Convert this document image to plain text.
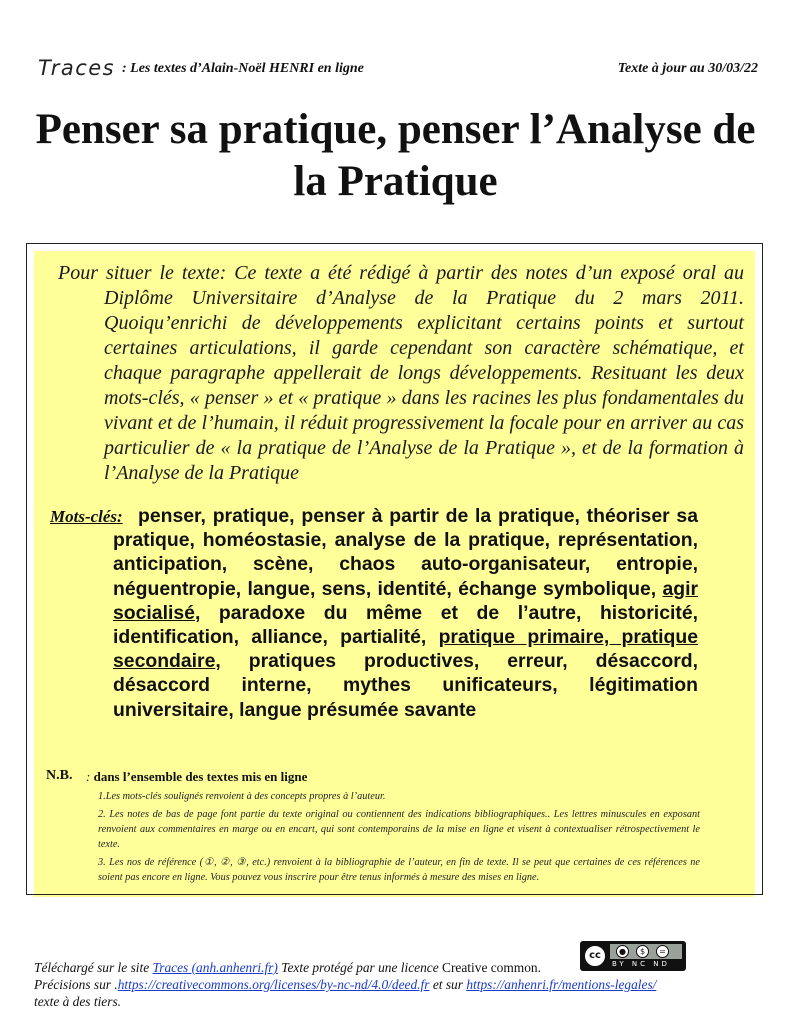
Traces : Les textes d’Alain-Noël HENRI en ligne	Texte à jour au 30/03/22
Penser sa pratique, penser l’Analyse de la Pratique
Pour situer le texte: Ce texte a été rédigé à partir des notes d’un exposé oral au Diplôme Universitaire d’Analyse de la Pratique du 2 mars 2011. Quoiqu’enrichi de développements explicitant certains points et surtout certaines articulations, il garde cependant son caractère schématique, et chaque paragraphe appellerait de longs développements. Resituant les deux mots-clés, « penser » et « pratique » dans les racines les plus fondamentales du vivant et de l’humain, il réduit progressivement la focale pour en arriver au cas particulier de « la pratique de l’Analyse de la Pratique », et de la formation à l’Analyse de la Pratique
Mots-clés: penser, pratique, penser à partir de la pratique, théoriser sa pratique, homéostasie, analyse de la pratique, représentation, anticipation, scène, chaos auto-organisateur, entropie, néguentropie, langue, sens, identité, échange symbolique, agir socialisé, paradoxe du même et de l’autre, historicité, identification, alliance, partialité, pratique primaire, pratique secondaire, pratiques productives, erreur, désaccord, désaccord interne, mythes unificateurs, légitimation universitaire, langue présumée savante
N.B. : dans l’ensemble des textes mis en ligne

1.Les mots-clés soulignés renvoient à des concepts propres à l’auteur.

2. Les notes de bas de page font partie du texte original ou contiennent des indications bibliographiques.. Les lettres minuscules en exposant renvoient aux commentaires en marge ou en encart, qui sont contemporains de la mise en ligne et visent à contextualiser rétrospectivement le texte.

3. Les nos de référence (①, ②, ③, etc.) renvoient à la bibliographie de l’auteur, en fin de texte. Il se peut que certaines de ces références ne soient pas encore en ligne. Vous pouvez vous inscrire pour être tenus informés à mesure des mises en ligne.

cc	●	$	=
BY NC ND
Téléchargé sur le site Traces (anh.anhenri.fr) Texte protégé par une licence Creative common.
Précisions sur .https://creativecommons.org/licenses/by-nc-nd/4.0/deed.fr et sur https://anhenri.fr/mentions-legales/
texte à des tiers.
